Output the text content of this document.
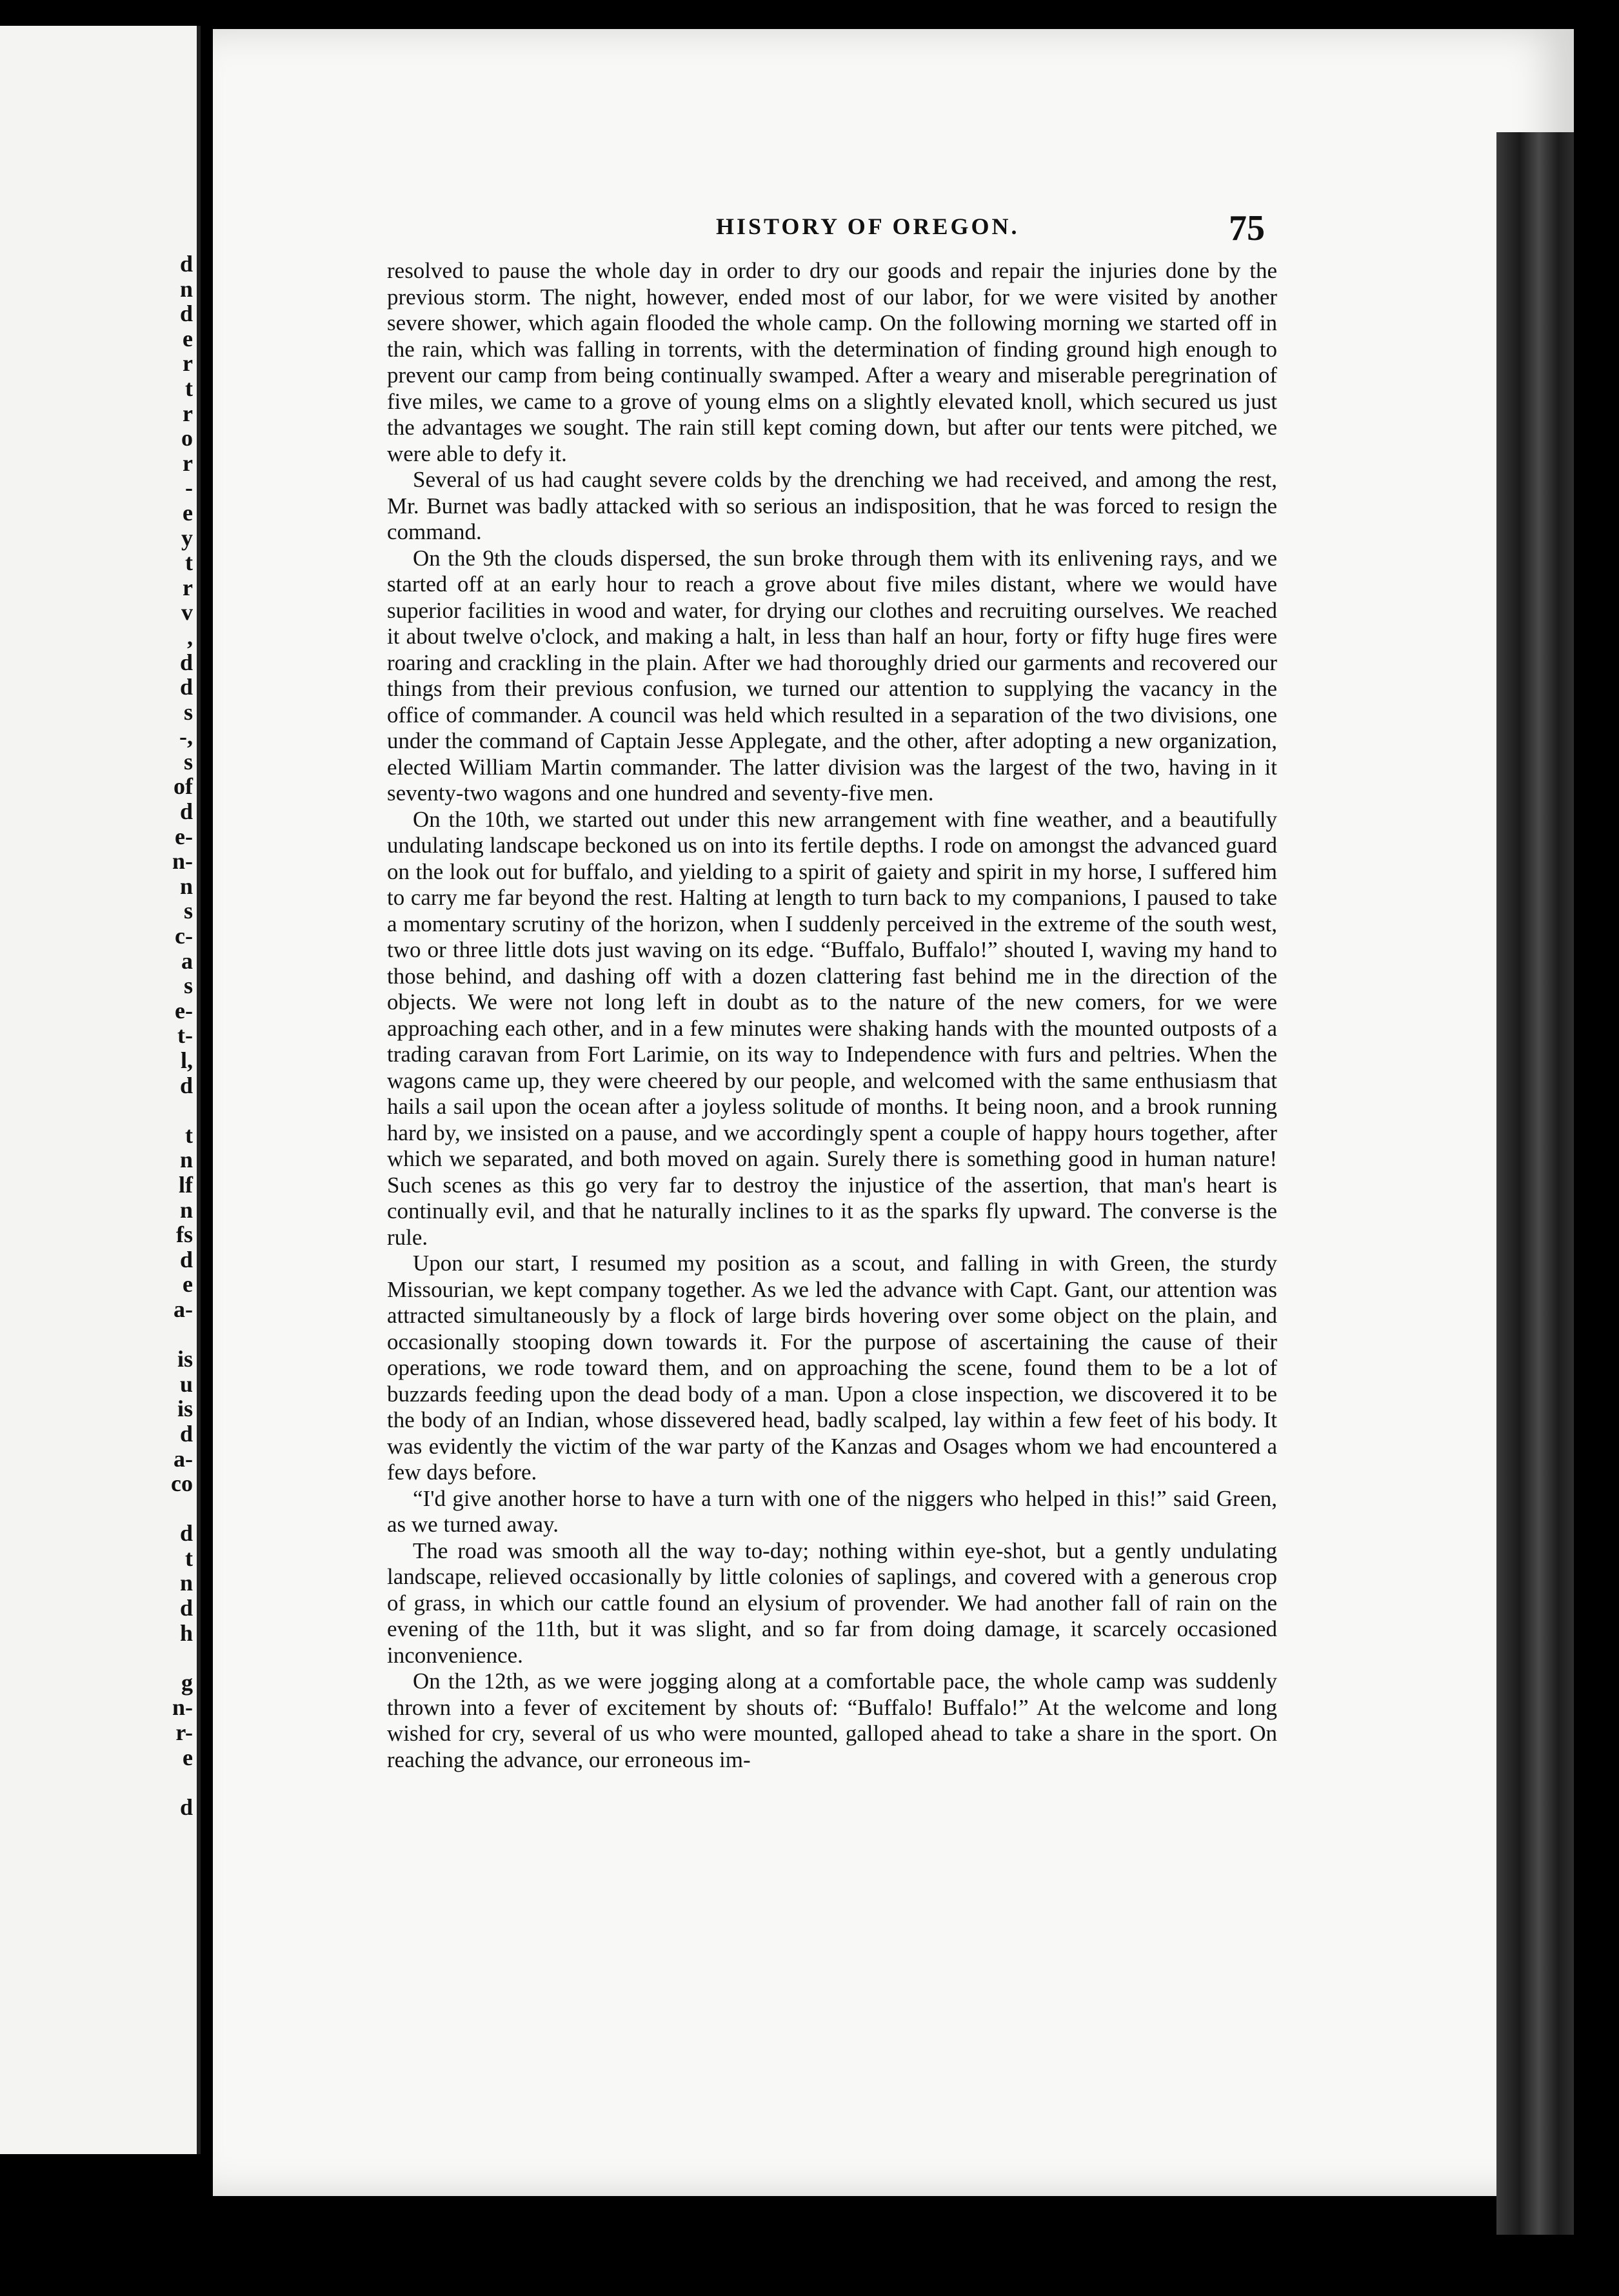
d
n
d
e
r
t
r
o
r
-
e
y
t
r
v
,
d
d
s
-,
s
of
d
e-
n-
n
s
c-
a
s
e-
t-
l,
d

t
n
lf
n
fs
d
e
a-

is
u
is
d
a-
co

d
t
n
d
h

g
n-
r-
e

d
HISTORY OF OREGON.	75

resolved to pause the whole day in order to dry our goods and repair the injuries done by the previous storm. The night, however, ended most of our labor, for we were visited by another severe shower, which again flooded the whole camp. On the following morning we started off in the rain, which was falling in torrents, with the determination of finding ground high enough to prevent our camp from being continually swamped. After a weary and miserable peregrination of five miles, we came to a grove of young elms on a slightly elevated knoll, which secured us just the advantages we sought. The rain still kept coming down, but after our tents were pitched, we were able to defy it.

Several of us had caught severe colds by the drenching we had received, and among the rest, Mr. Burnet was badly attacked with so serious an indisposition, that he was forced to resign the command.

On the 9th the clouds dispersed, the sun broke through them with its enlivening rays, and we started off at an early hour to reach a grove about five miles distant, where we would have superior facilities in wood and water, for drying our clothes and recruiting ourselves. We reached it about twelve o'clock, and making a halt, in less than half an hour, forty or fifty huge fires were roaring and crackling in the plain. After we had thoroughly dried our garments and recovered our things from their previous confusion, we turned our attention to supplying the vacancy in the office of commander. A council was held which resulted in a separation of the two divisions, one under the command of Captain Jesse Applegate, and the other, after adopting a new organization, elected William Martin commander. The latter division was the largest of the two, having in it seventy-two wagons and one hundred and seventy-five men.

On the 10th, we started out under this new arrangement with fine weather, and a beautifully undulating landscape beckoned us on into its fertile depths. I rode on amongst the advanced guard on the look out for buffalo, and yielding to a spirit of gaiety and spirit in my horse, I suffered him to carry me far beyond the rest. Halting at length to turn back to my companions, I paused to take a momentary scrutiny of the horizon, when I suddenly perceived in the extreme of the south west, two or three little dots just waving on its edge. “Buffalo, Buffalo!” shouted I, waving my hand to those behind, and dashing off with a dozen clattering fast behind me in the direction of the objects. We were not long left in doubt as to the nature of the new comers, for we were approaching each other, and in a few minutes were shaking hands with the mounted outposts of a trading caravan from Fort Larimie, on its way to Independence with furs and peltries. When the wagons came up, they were cheered by our people, and welcomed with the same enthusiasm that hails a sail upon the ocean after a joyless solitude of months. It being noon, and a brook running hard by, we insisted on a pause, and we accordingly spent a couple of happy hours together, after which we separated, and both moved on again. Surely there is something good in human nature! Such scenes as this go very far to destroy the injustice of the assertion, that man's heart is continually evil, and that he naturally inclines to it as the sparks fly upward. The converse is the rule.

Upon our start, I resumed my position as a scout, and falling in with Green, the sturdy Missourian, we kept company together. As we led the advance with Capt. Gant, our attention was attracted simultaneously by a flock of large birds hovering over some object on the plain, and occasionally stooping down towards it. For the purpose of ascertaining the cause of their operations, we rode toward them, and on approaching the scene, found them to be a lot of buzzards feeding upon the dead body of a man. Upon a close inspection, we discovered it to be the body of an Indian, whose dissevered head, badly scalped, lay within a few feet of his body. It was evidently the victim of the war party of the Kanzas and Osages whom we had encountered a few days before.

“I'd give another horse to have a turn with one of the niggers who helped in this!” said Green, as we turned away.

The road was smooth all the way to-day; nothing within eye-shot, but a gently undulating landscape, relieved occasionally by little colonies of saplings, and covered with a generous crop of grass, in which our cattle found an elysium of provender. We had another fall of rain on the evening of the 11th, but it was slight, and so far from doing damage, it scarcely occasioned inconvenience.

On the 12th, as we were jogging along at a comfortable pace, the whole camp was suddenly thrown into a fever of excitement by shouts of: “Buffalo! Buffalo!” At the welcome and long wished for cry, several of us who were mounted, galloped ahead to take a share in the sport. On reaching the advance, our erroneous im-
